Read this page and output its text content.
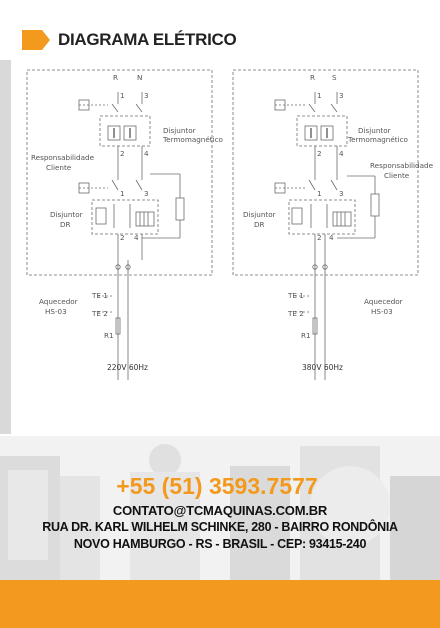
DIAGRAMA ELÉTRICO
R	N
1	3
2	4
Disjuntor
Termomagnético
Responsabilidade
Cliente
Disjuntor
DR
1	3
2 4
Aquecedor
HS-03
TE 1
TE 2
R1
220V 60Hz
R S
1 3
2 4
Disjuntor
Termomagnético
Responsabilidade
Cliente
Disjuntor
DR
1 3
2 4
Aquecedor
HS-03
TE 1
TE 2
R1
380V 60Hz
+55 (51) 3593.7577
CONTATO@TCMAQUINAS.COM.BR
RUA DR. KARL WILHELM SCHINKE, 280 - BAIRRO RONDÔNIA
NOVO HAMBURGO - RS - BRASIL - CEP: 93415-240
